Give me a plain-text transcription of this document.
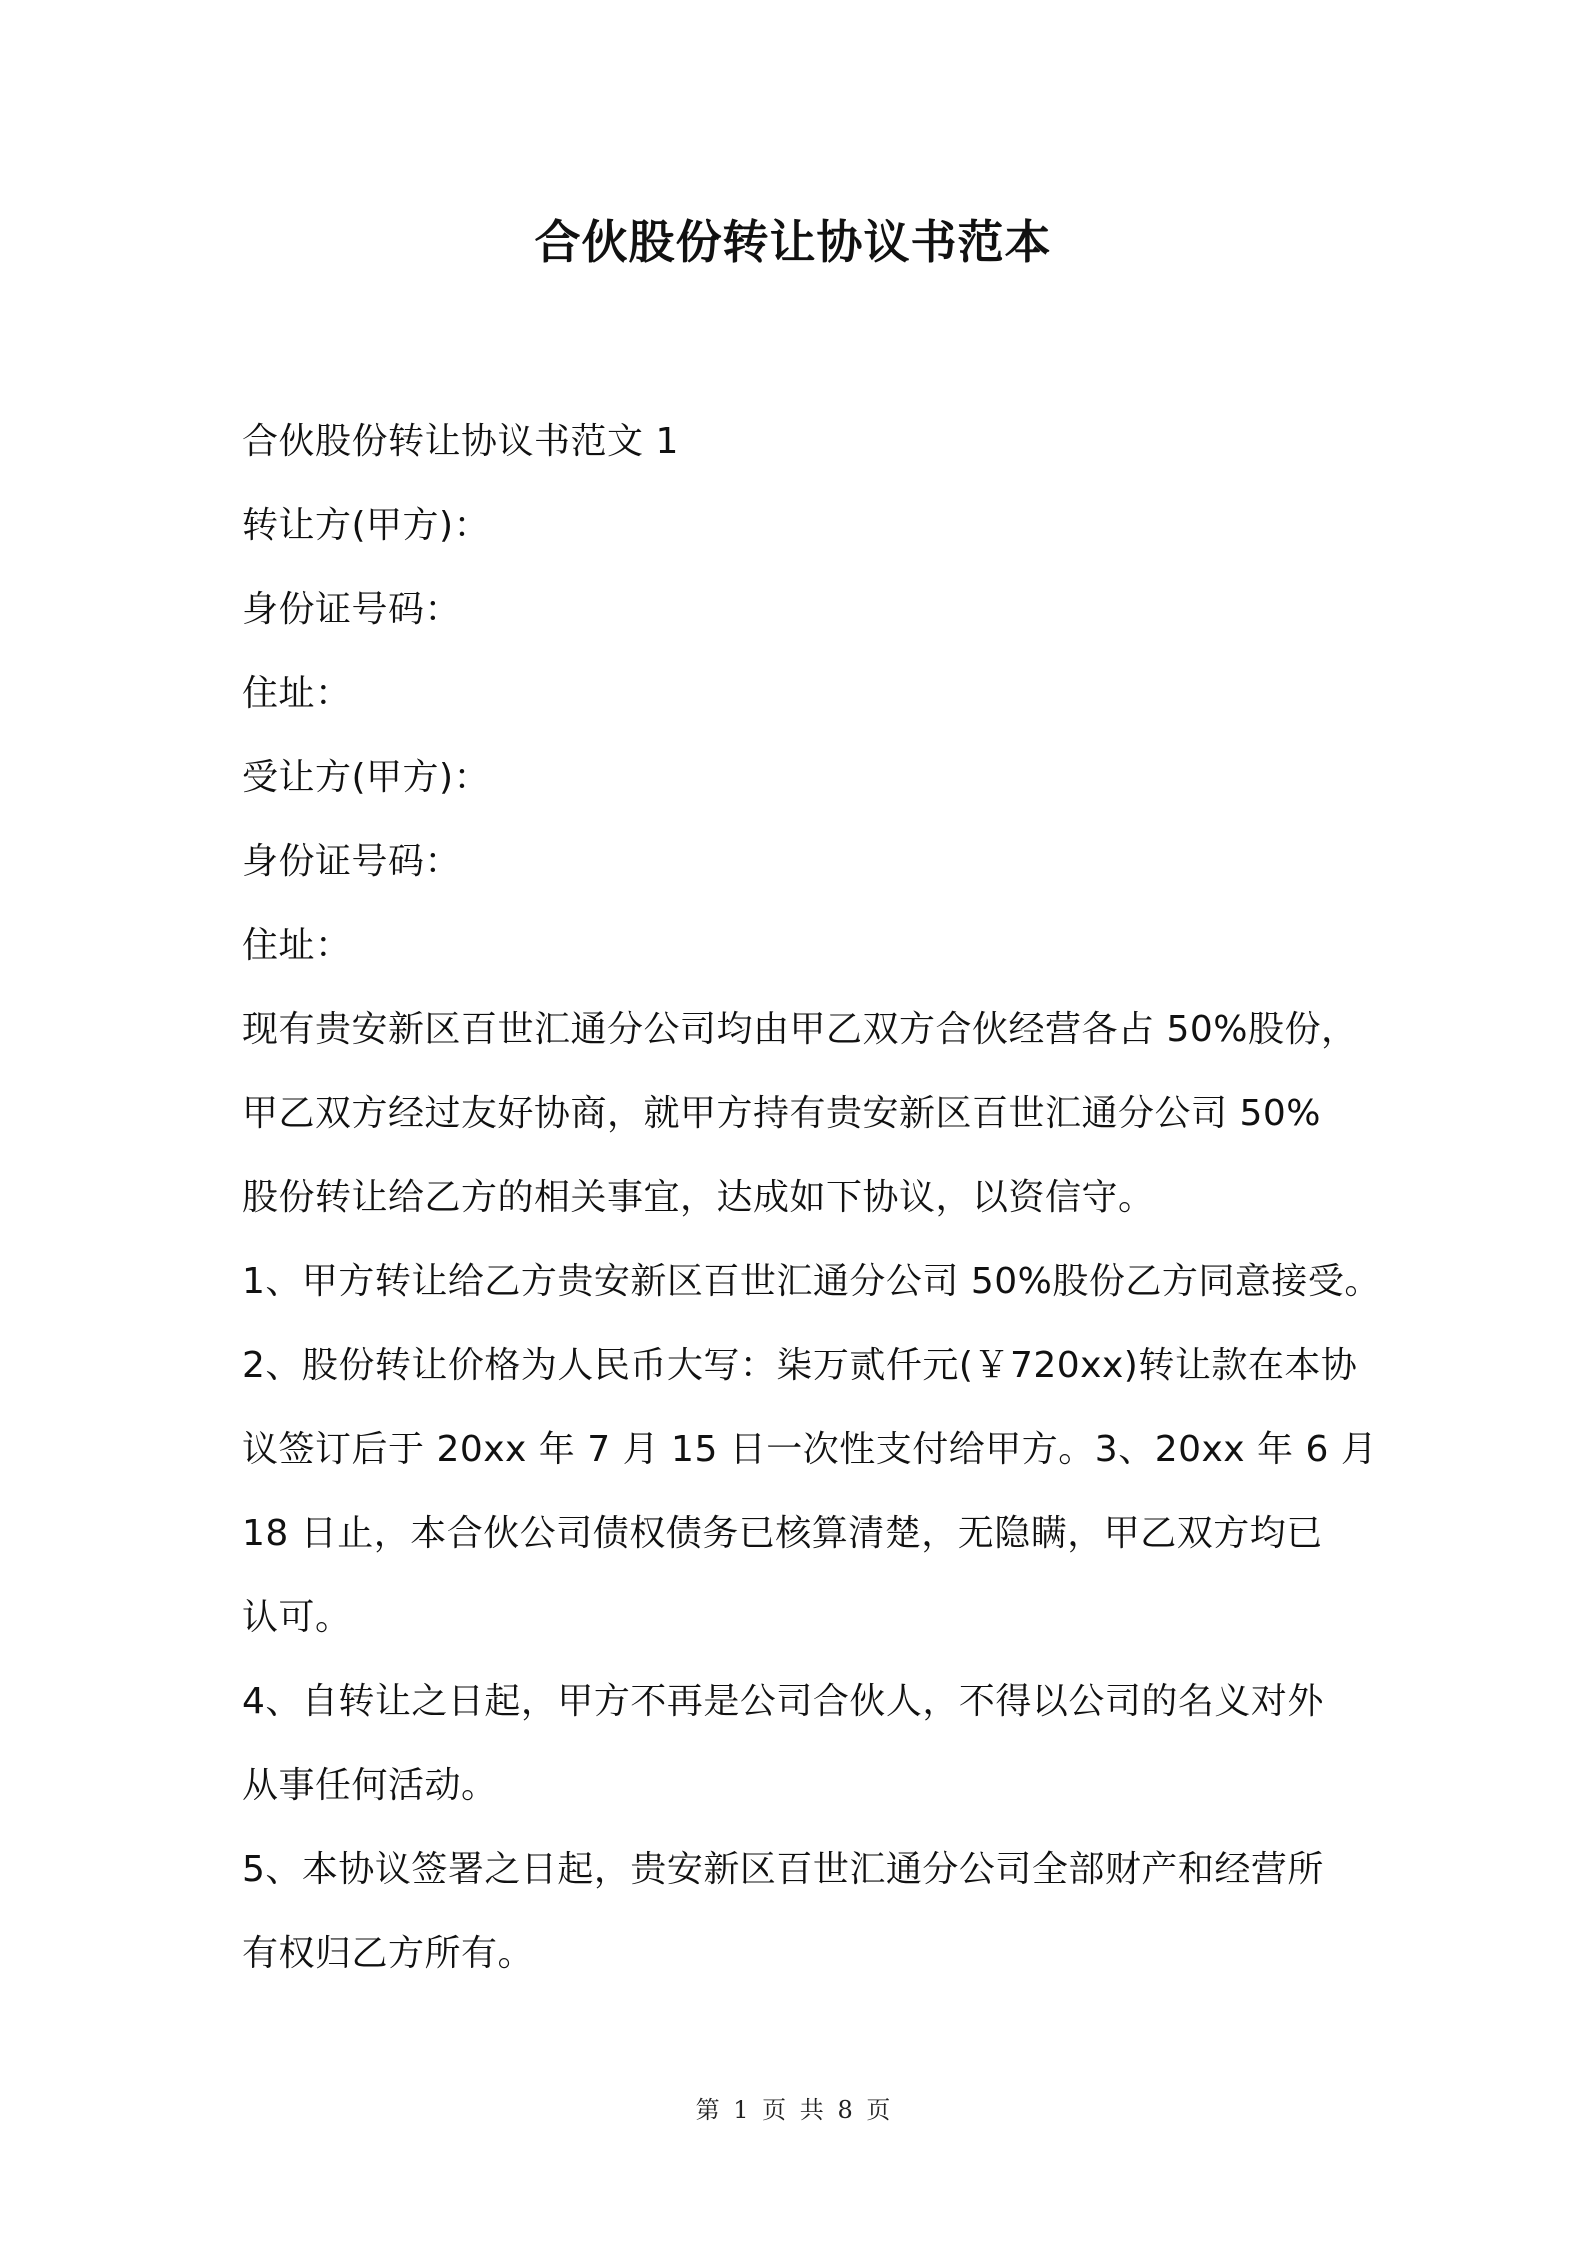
合伙股份转让协议书范本
合伙股份转让协议书范文 1
转让方(甲方)：
身份证号码：
住址：
受让方(甲方)：
身份证号码：
住址：
现有贵安新区百世汇通分公司均由甲乙双方合伙经营各占 50%股份，
甲乙双方经过友好协商，就甲方持有贵安新区百世汇通分公司 50%
股份转让给乙方的相关事宜，达成如下协议，以资信守。
1、甲方转让给乙方贵安新区百世汇通分公司 50%股份乙方同意接受。
2、股份转让价格为人民币大写：柒万贰仟元(￥720xx)转让款在本协
议签订后于 20xx 年 7 月 15 日一次性支付给甲方。3、20xx 年 6 月
18 日止，本合伙公司债权债务已核算清楚，无隐瞒，甲乙双方均已
认可。
4、自转让之日起，甲方不再是公司合伙人，不得以公司的名义对外
从事任何活动。
5、本协议签署之日起，贵安新区百世汇通分公司全部财产和经营所
有权归乙方所有。
第 1 页 共 8 页
